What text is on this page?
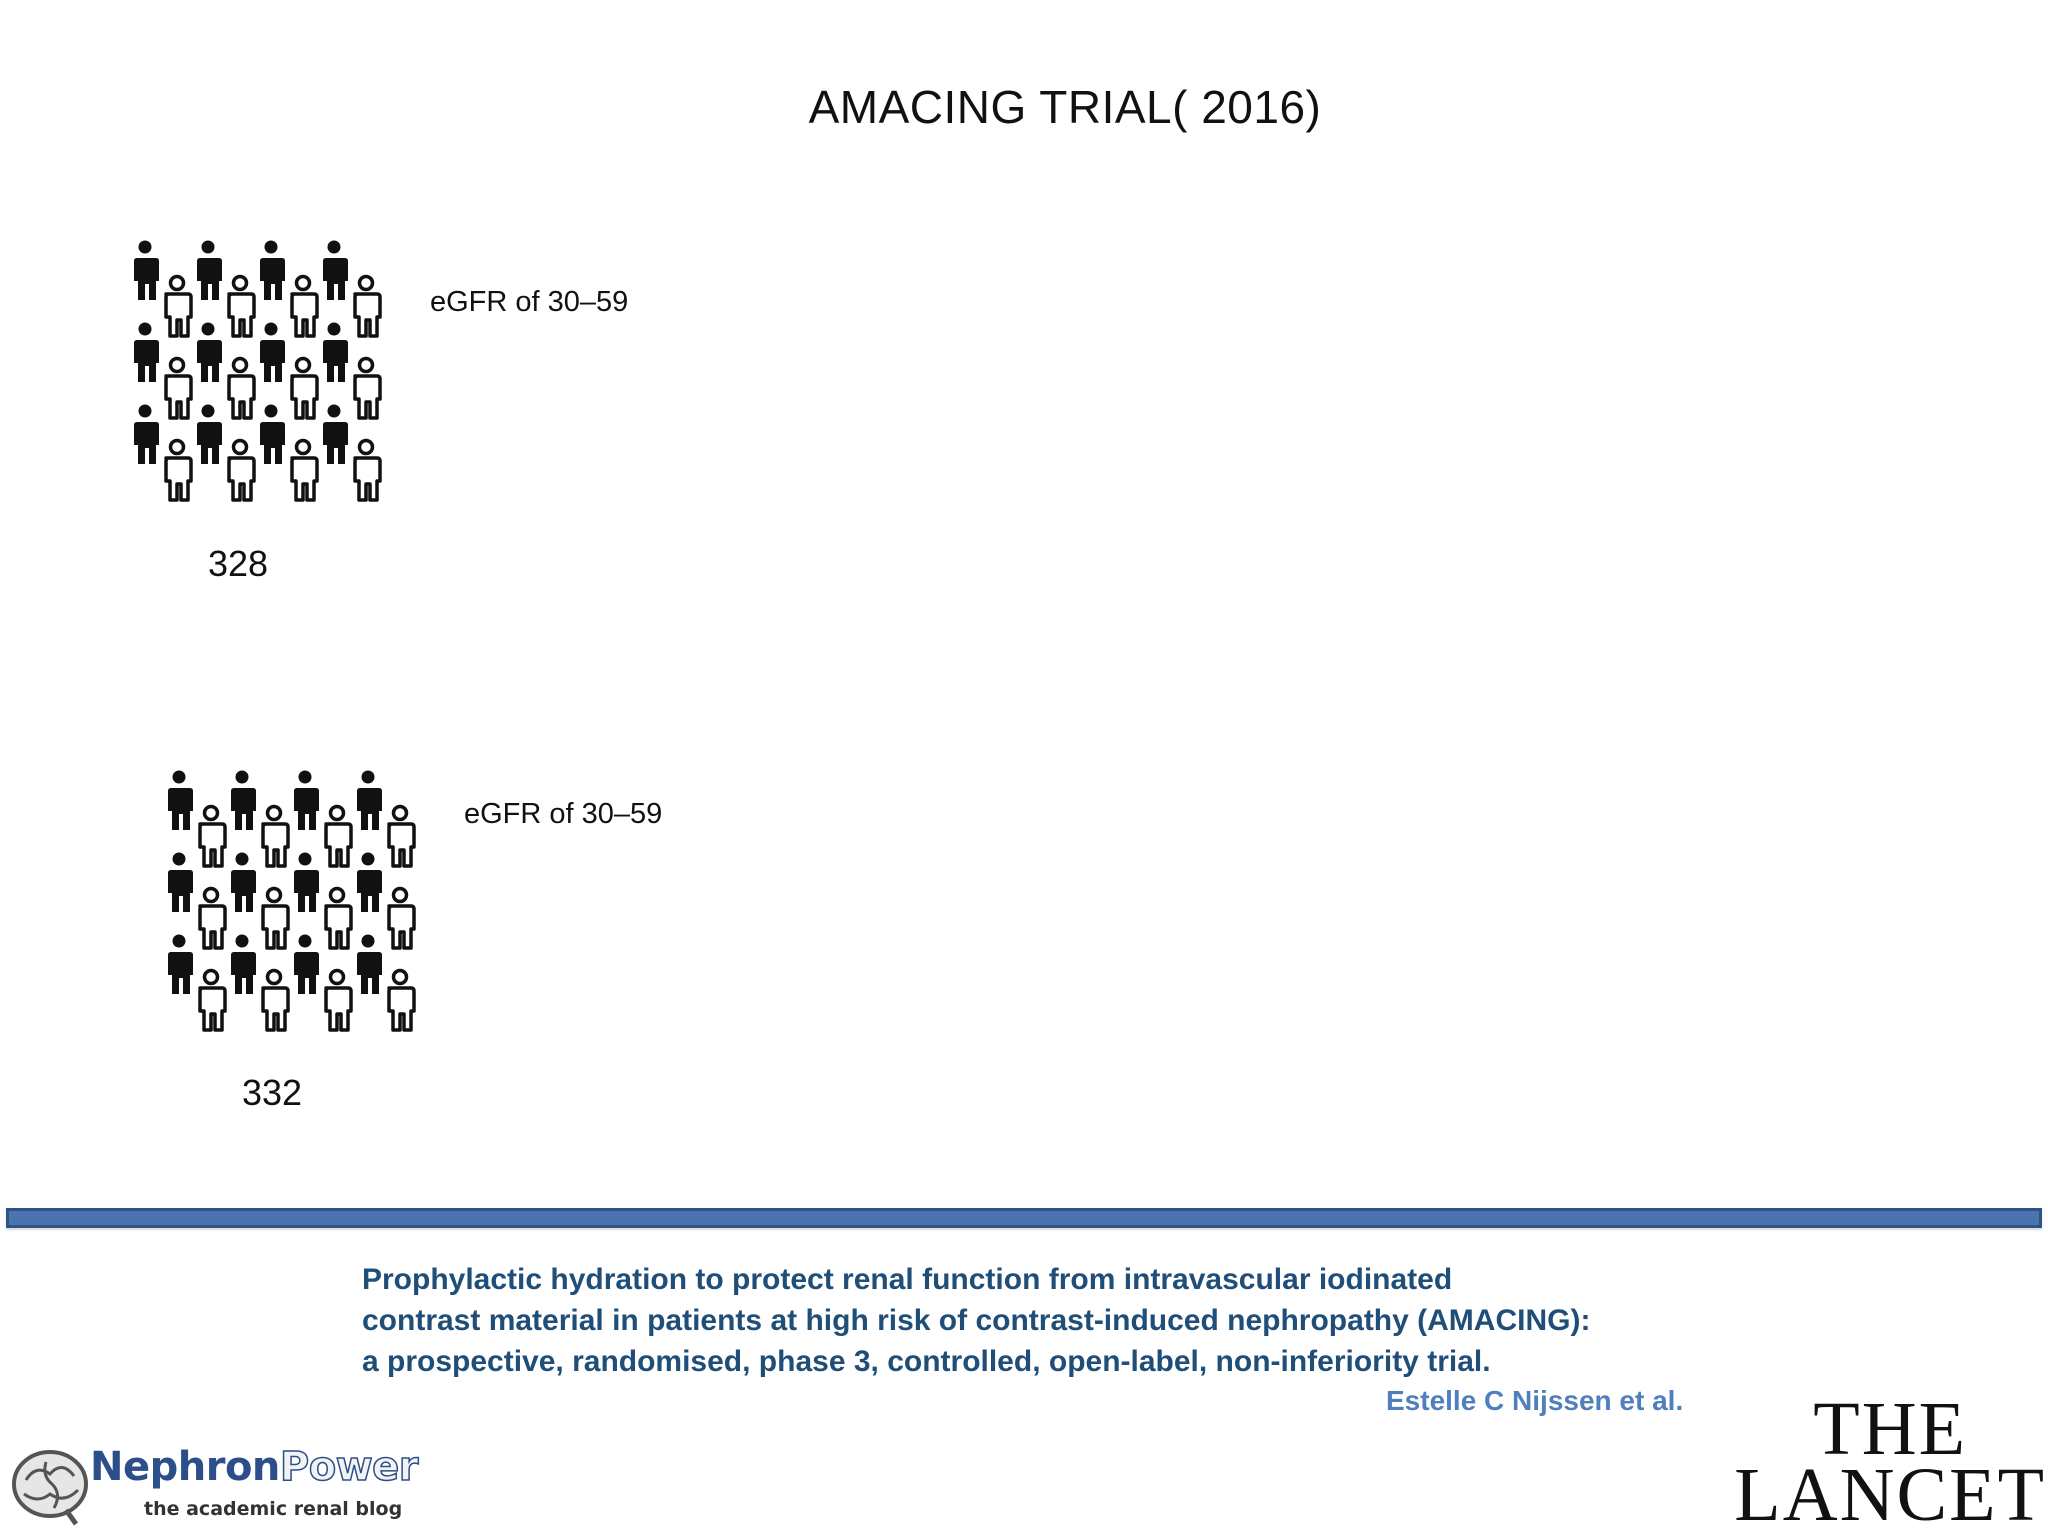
AMACING TRIAL( 2016)
eGFR of 30–59
328
eGFR of 30–59
332
Prophylactic hydration to protect renal function from intravascular iodinated
contrast material in patients at high risk of contrast-induced nephropathy (AMACING):
a prospective, randomised, phase 3, controlled, open-label, non-inferiority trial.
Estelle C Nijssen et al.
NephronPower
the academic renal blog
THE
LANCET
